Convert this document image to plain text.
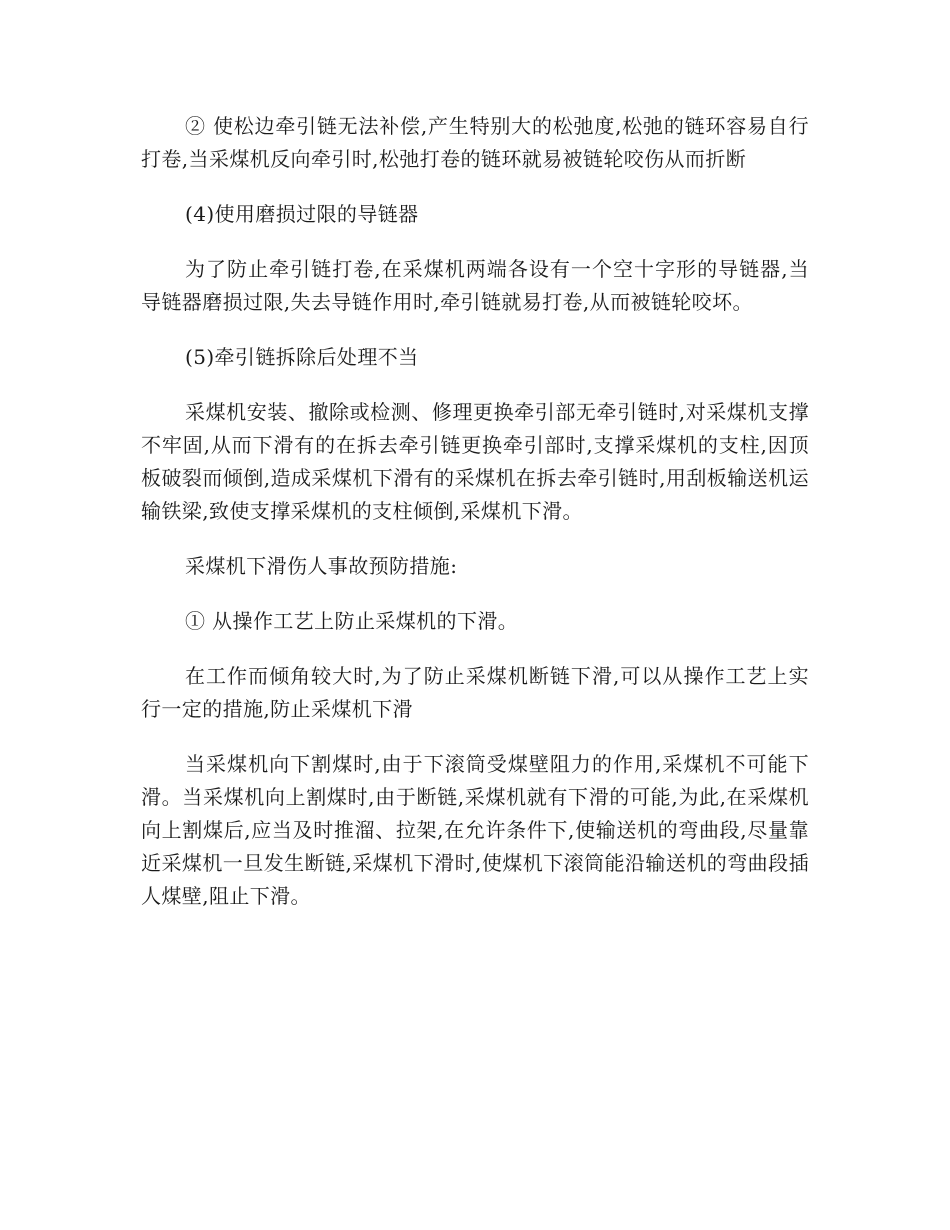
② 使松边牵引链无法补偿,产生特别大的松弛度,松弛的链环容易自行打卷,当采煤机反向牵引时,松弛打卷的链环就易被链轮咬伤从而折断

(4)使用磨损过限的导链器

为了防止牵引链打卷,在采煤机两端各设有一个空十字形的导链器,当导链器磨损过限,失去导链作用时,牵引链就易打卷,从而被链轮咬坏。

(5)牵引链拆除后处理不当

采煤机安装、撤除或检测、修理更换牵引部无牵引链时,对采煤机支撑不牢固,从而下滑有的在拆去牵引链更换牵引部时,支撑采煤机的支柱,因顶板破裂而倾倒,造成采煤机下滑有的采煤机在拆去牵引链时,用刮板输送机运输铁梁,致使支撑采煤机的支柱倾倒,采煤机下滑。

采煤机下滑伤人事故预防措施:

① 从操作工艺上防止采煤机的下滑。

在工作而倾角较大时,为了防止采煤机断链下滑,可以从操作工艺上实行一定的措施,防止采煤机下滑

当采煤机向下割煤时,由于下滚筒受煤壁阻力的作用,采煤机不可能下滑。当采煤机向上割煤时,由于断链,采煤机就有下滑的可能,为此,在采煤机向上割煤后,应当及时推溜、拉架,在允许条件下,使输送机的弯曲段,尽量靠近采煤机一旦发生断链,采煤机下滑时,使煤机下滚筒能沿输送机的弯曲段插人煤壁,阻止下滑。
